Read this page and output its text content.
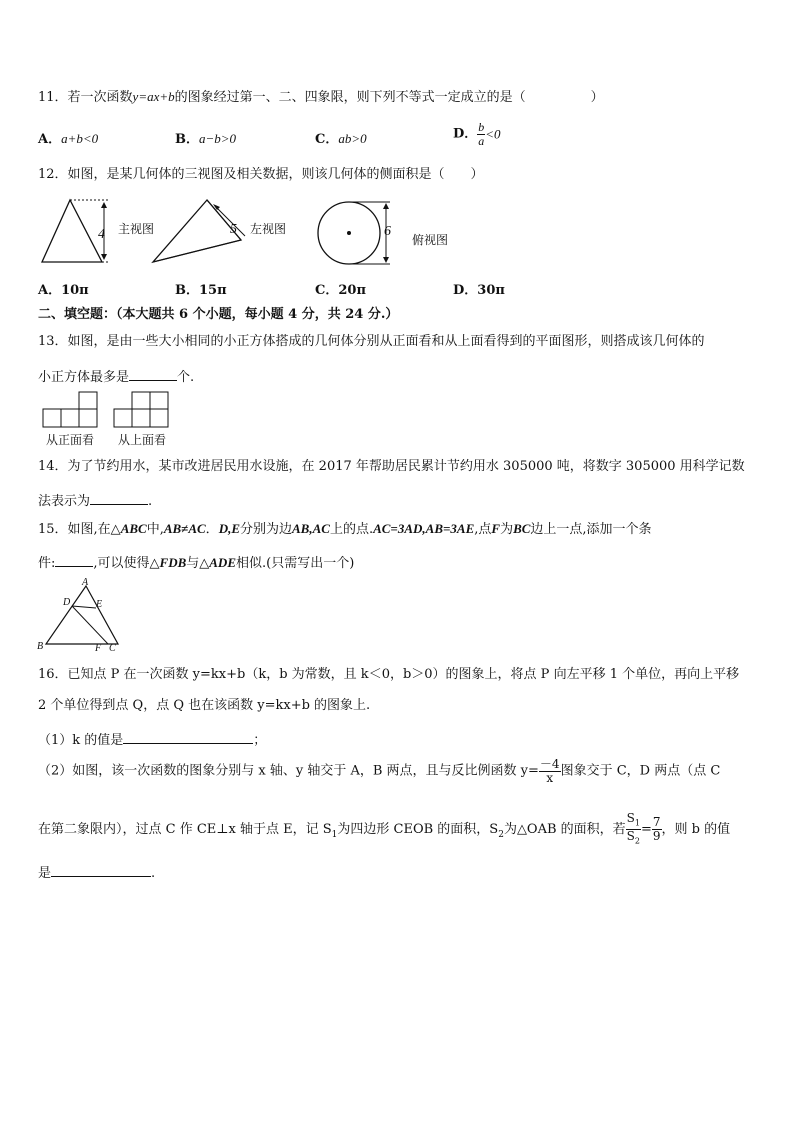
11．若一次函数y=ax+b的图象经过第一、二、四象限，则下列不等式一定成立的是（　　　　　）
A．a+b<0	B．a−b>0	C．ab>0	D． $\frac{b}{a} <0$
12．如图，是某几何体的三视图及相关数据，则该几何体的侧面积是（　　）
4 主视图	5 左视图	6
俯视图
A．10π	B．15π	C．20π	D．30π
二、填空题：（本大题共 6 个小题，每小题 4 分，共 24 分.）
13．如图，是由一些大小相同的小正方体搭成的几何体分别从正面看和从上面看得到的平面图形，则搭成该几何体的
小正方体最多是	个.
从正面看 从上面看
14．为了节约用水，某市改进居民用水设施，在 2017 年帮助居民累计节约用水 305000 吨，将数字 305000 用科学记数
法表示为	.
15．如图,在△ABC中,AB≠AC．D,E分别为边AB,AC上的点.AC=3AD,AB=3AE,点F为BC边上一点,添加一个条
件:	,可以使得△FDB与△ADE相似.(只需写出一个)
A
D	E
B	F C
16．已知点 P 在一次函数 y=kx+b（k，b 为常数，且 k＜0，b＞0）的图象上，将点 P 向左平移 1 个单位，再向上平移
2 个单位得到点 Q，点 Q 也在该函数 y=kx+b 的图象上.
（1）k 的值是	；
（2）如图，该一次函数的图象分别与 x 轴、y 轴交于 A，B 两点，且与反比例函数 $y= \frac{-4}{x}$ 图象交于 C，D 两点（点 C
在第二象限内），过点 C 作 CE⊥x 轴于点 E，记 $S_1$为四边形 CEOB 的面积，$S_2$为△OAB 的面积，若 $\frac{S_1}{S_2} = \frac{7}{9}$ ，则 b 的值
是	.
